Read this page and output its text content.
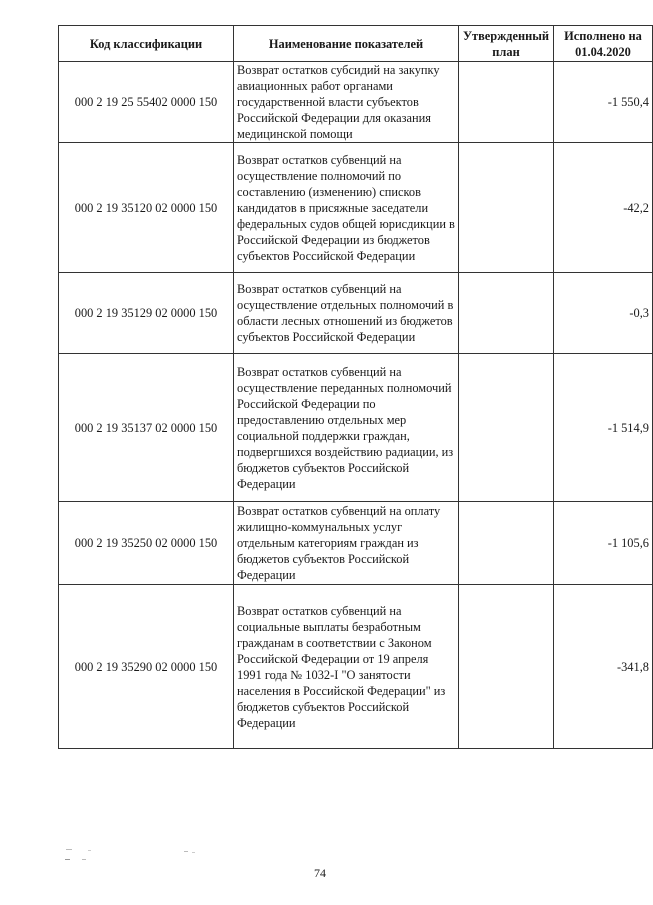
Код классификации	Наименование показателей	Утвержденный план	Исполнено на 01.04.2020
000 2 19 25 55402 0000 150	Возврат остатков субсидий на закупку авиационных работ органами государственной власти субъектов Российской Федерации для оказания медицинской помощи		-1 550,4
000 2 19 35120 02 0000 150	Возврат остатков субвенций на осуществление полномочий по составлению (изменению) списков кандидатов в присяжные заседатели федеральных судов общей юрисдикции в Российской Федерации из бюджетов субъектов Российской Федерации		-42,2
000 2 19 35129 02 0000 150	Возврат остатков субвенций на осуществление отдельных полномочий в области лесных отношений из бюджетов субъектов Российской Федерации		-0,3
000 2 19 35137 02 0000 150	Возврат остатков субвенций на осуществление переданных полномочий Российской Федерации по предоставлению отдельных мер социальной поддержки граждан, подвергшихся воздействию радиации, из бюджетов субъектов Российской Федерации		-1 514,9
000 2 19 35250 02 0000 150	Возврат остатков субвенций на оплату жилищно-коммунальных услуг отдельным категориям граждан из бюджетов субъектов Российской Федерации		-1 105,6
000 2 19 35290 02 0000 150	Возврат остатков субвенций на социальные выплаты безработным гражданам в соответствии с Законом Российской Федерации от 19 апреля 1991 года № 1032-I "О занятости населения в Российской Федерации" из бюджетов субъектов Российской Федерации		-341,8
74
